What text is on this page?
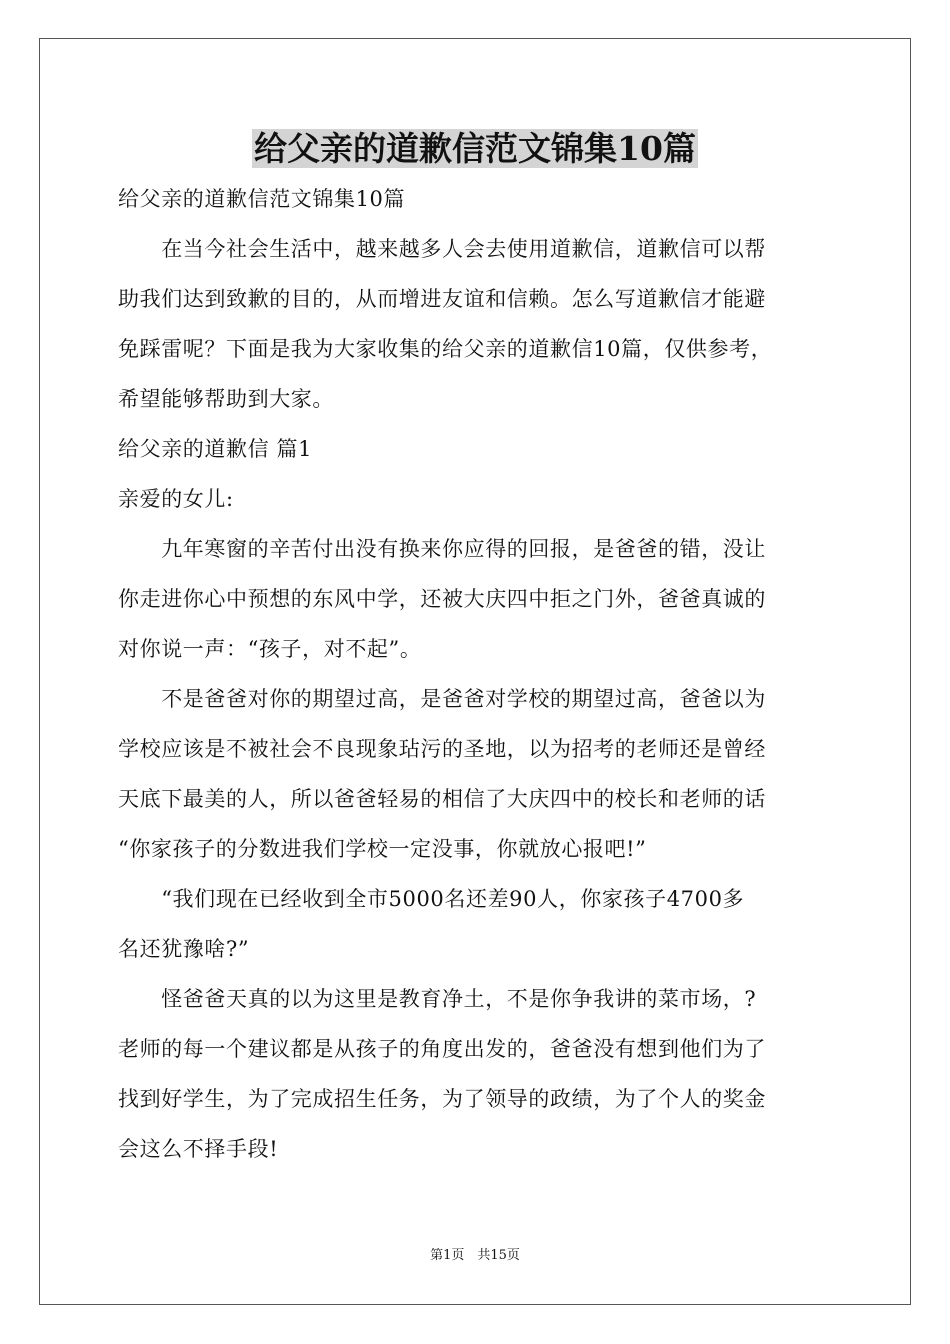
给父亲的道歉信范文锦集10篇
给父亲的道歉信范文锦集10篇
　　在当今社会生活中，越来越多人会去使用道歉信，道歉信可以帮
助我们达到致歉的目的，从而增进友谊和信赖。怎么写道歉信才能避
免踩雷呢？下面是我为大家收集的给父亲的道歉信10篇，仅供参考，
希望能够帮助到大家。
给父亲的道歉信 篇1
亲爱的女儿:
　　九年寒窗的辛苦付出没有换来你应得的回报，是爸爸的错，没让
你走进你心中预想的东风中学，还被大庆四中拒之门外，爸爸真诚的
对你说一声：“孩子，对不起”。
　　不是爸爸对你的期望过高，是爸爸对学校的期望过高，爸爸以为
学校应该是不被社会不良现象玷污的圣地，以为招考的老师还是曾经
天底下最美的人，所以爸爸轻易的相信了大庆四中的校长和老师的话
“你家孩子的分数进我们学校一定没事，你就放心报吧!”
　　“我们现在已经收到全市5000名还差90人，你家孩子4700多
名还犹豫啥?”
　　怪爸爸天真的以为这里是教育净土，不是你争我讲的菜市场，?
老师的每一个建议都是从孩子的角度出发的，爸爸没有想到他们为了
找到好学生，为了完成招生任务，为了领导的政绩，为了个人的奖金
会这么不择手段!
第1页　共15页
